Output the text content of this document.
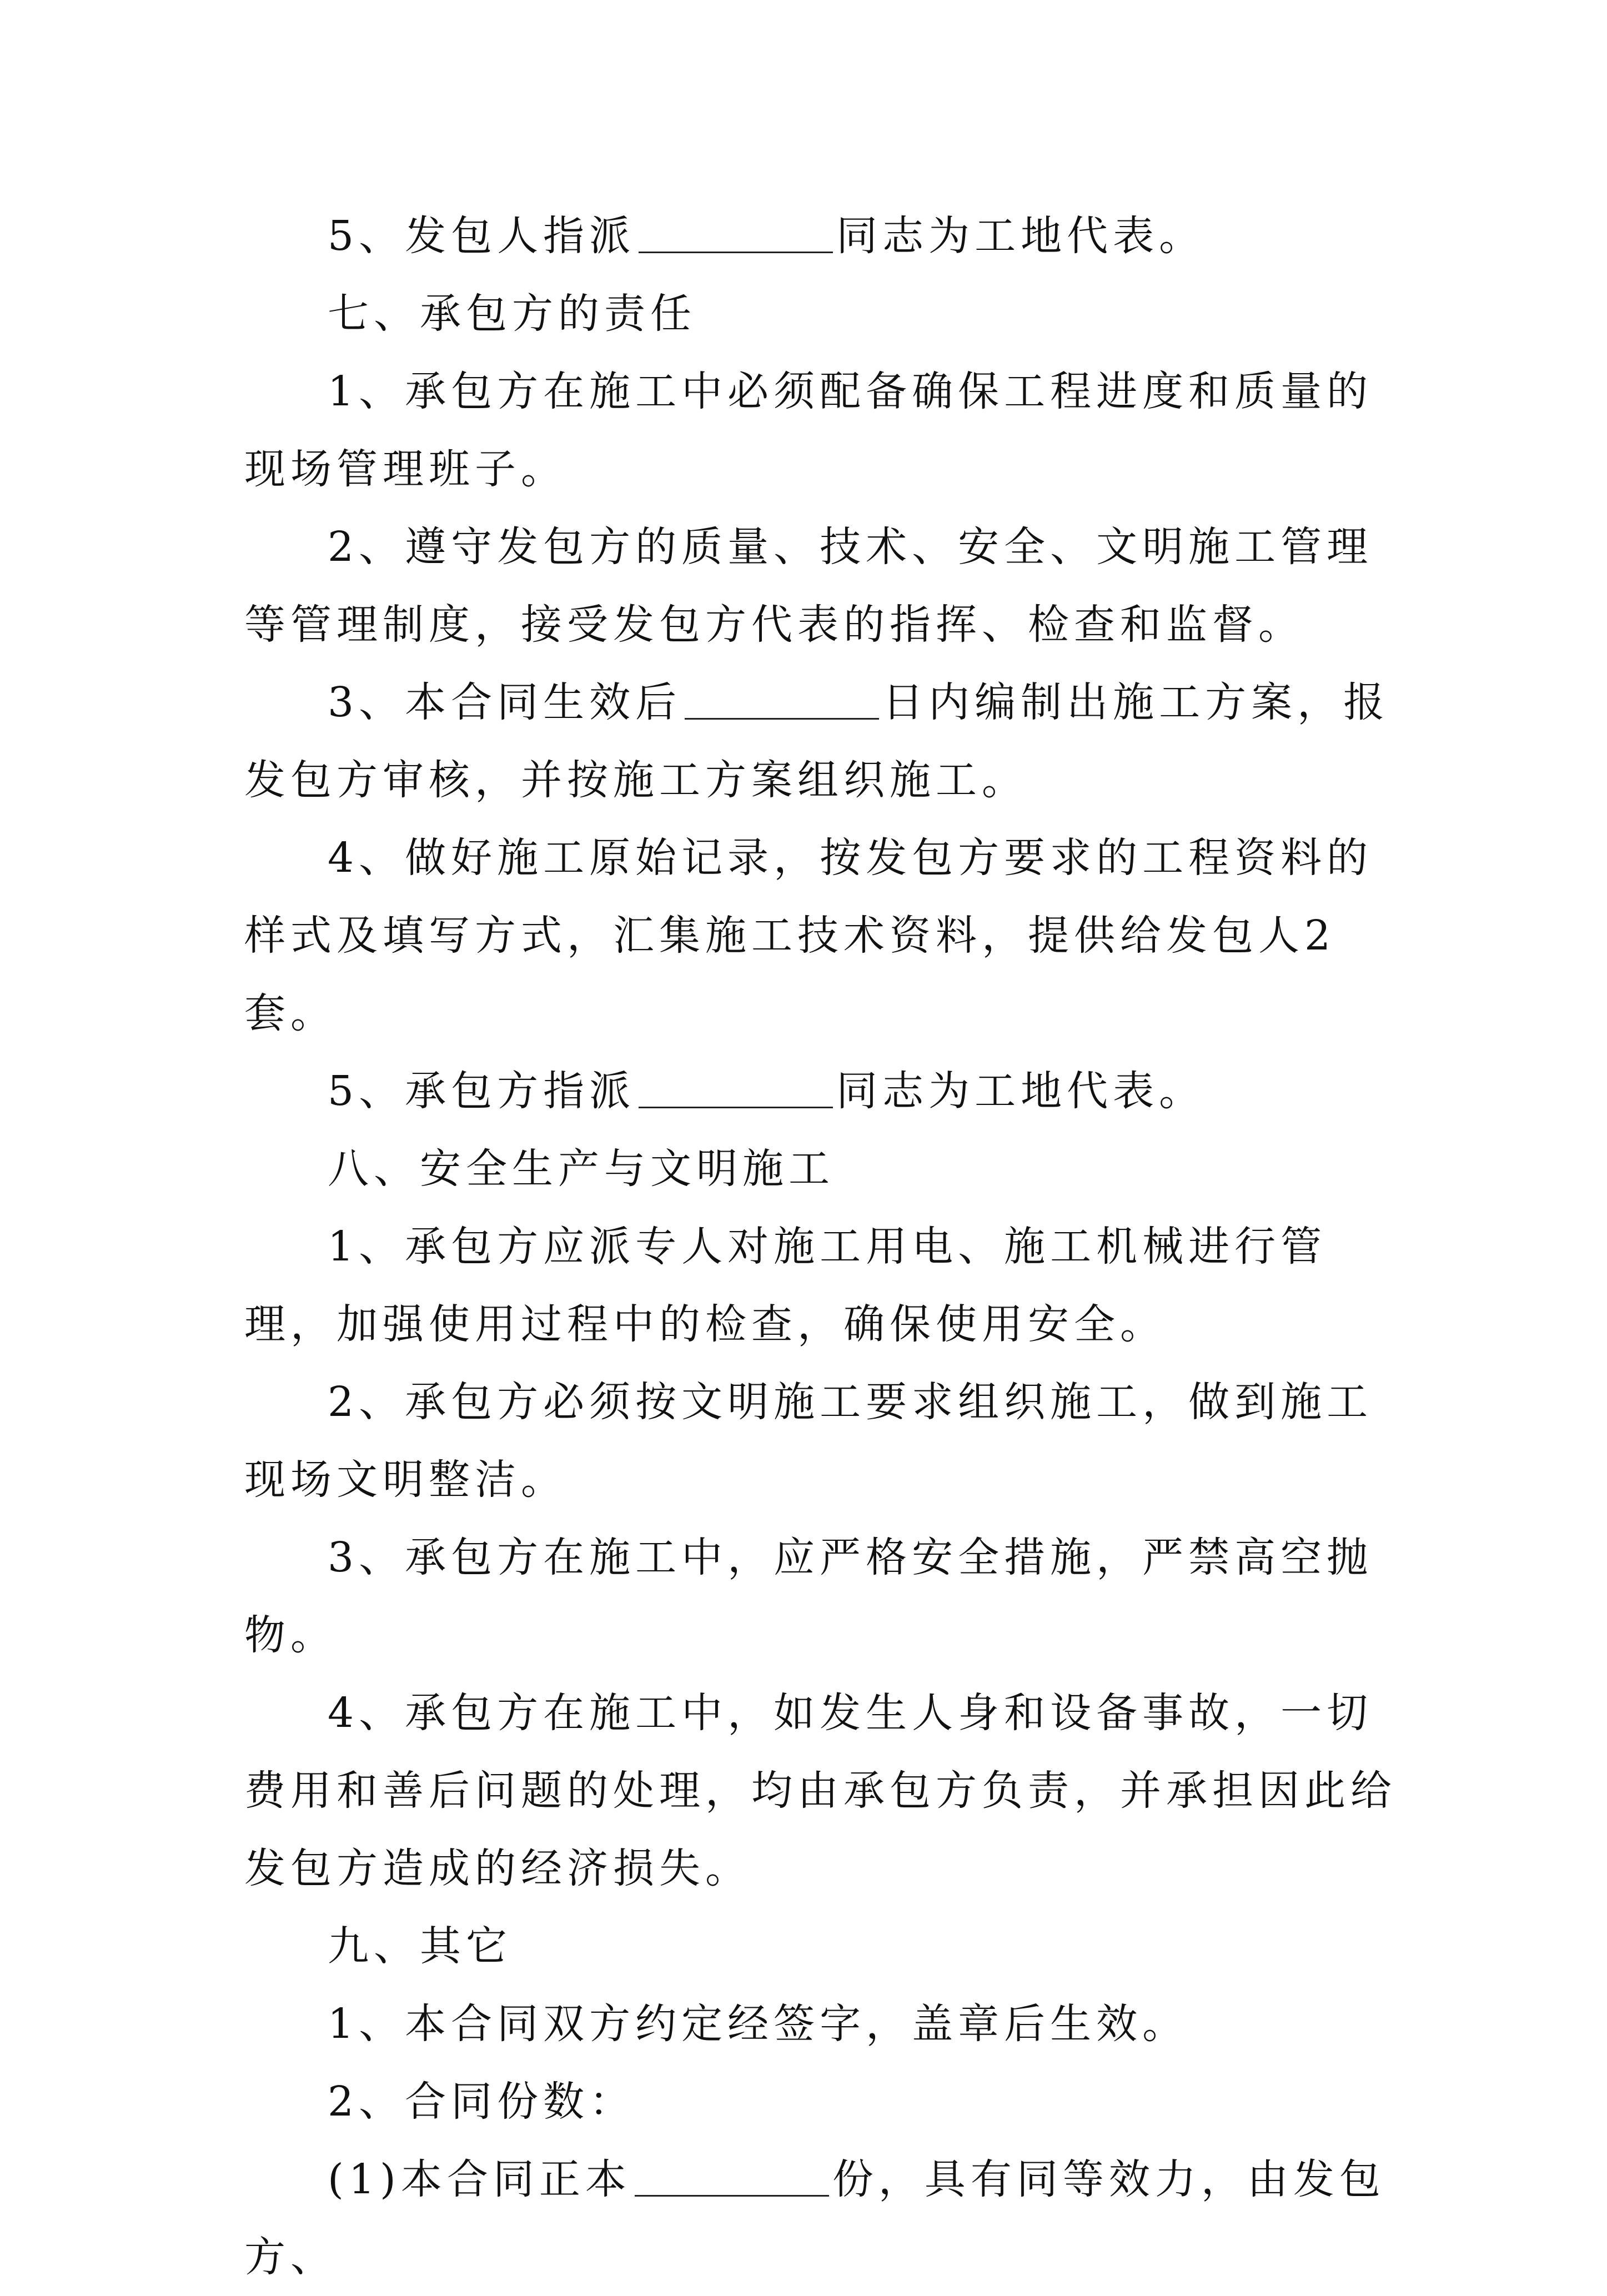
5、发包人指派	同志为工地代表。

七、承包方的责任

1、承包方在施工中必须配备确保工程进度和质量的现场管理班子。

2、遵守发包方的质量、技术、安全、文明施工管理等管理制度，接受发包方代表的指挥、检查和监督。

3、本合同生效后	日内编制出施工方案，报发包方审核，并按施工方案组织施工。

4、做好施工原始记录，按发包方要求的工程资料的样式及填写方式，汇集施工技术资料，提供给发包人2套。

5、承包方指派	同志为工地代表。

八、安全生产与文明施工

1、承包方应派专人对施工用电、施工机械进行管理，加强使用过程中的检查，确保使用安全。

2、承包方必须按文明施工要求组织施工，做到施工现场文明整洁。

3、承包方在施工中，应严格安全措施，严禁高空抛物。

4、承包方在施工中，如发生人身和设备事故，一切费用和善后问题的处理，均由承包方负责，并承担因此给发包方造成的经济损失。

九、其它

1、本合同双方约定经签字，盖章后生效。

2、合同份数：

(1)本合同正本	份，具有同等效力，由发包方、
